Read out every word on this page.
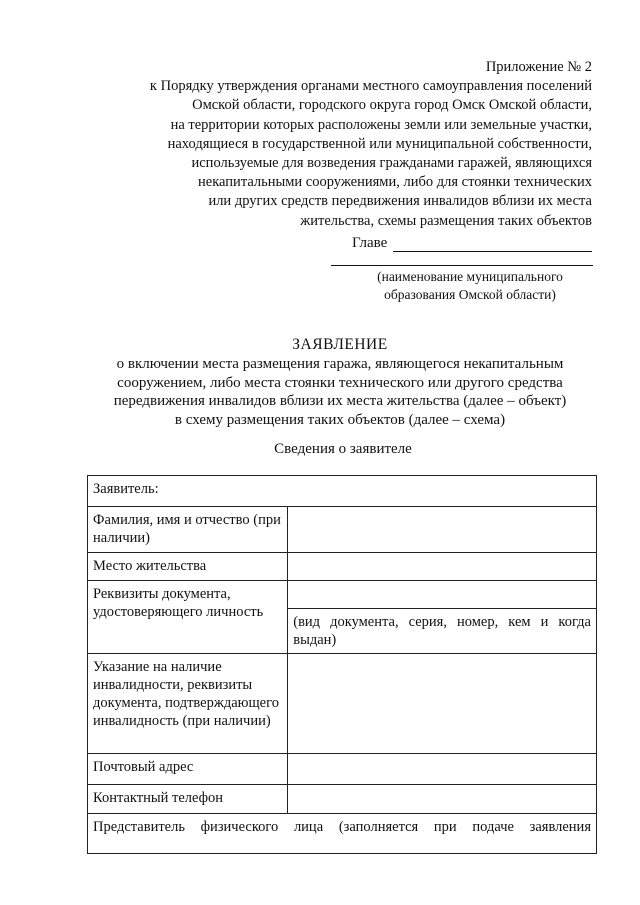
Приложение № 2
к Порядку утверждения органами местного самоуправления поселений
Омской области, городского округа город Омск Омской области,
на территории которых расположены земли или земельные участки,
находящиеся в государственной или муниципальной собственности,
используемые для возведения гражданами гаражей, являющихся
некапитальными сооружениями, либо для стоянки технических
или других средств передвижения инвалидов вблизи их места
жительства, схемы размещения таких объектов
Главе
(наименование муниципального
образования Омской области)
ЗАЯВЛЕНИЕ
о включении места размещения гаража, являющегося некапитальным
сооружением, либо места стоянки технического или другого средства
передвижения инвалидов вблизи их места жительства (далее – объект)
в схему размещения таких объектов (далее – схема)
Сведения о заявителе
Заявитель:	
Фамилия, имя и отчество (при наличии)	
Место жительства	
Реквизиты документа, удостоверяющего личность	
	(вид документа, серия, номер, кем и когда выдан)
Указание на наличие инвалидности, реквизиты документа, подтверждающего инвалидность (при наличии)	
Почтовый адрес	
Контактный телефон	
Представитель физического лица (заполняется при подаче заявления	
